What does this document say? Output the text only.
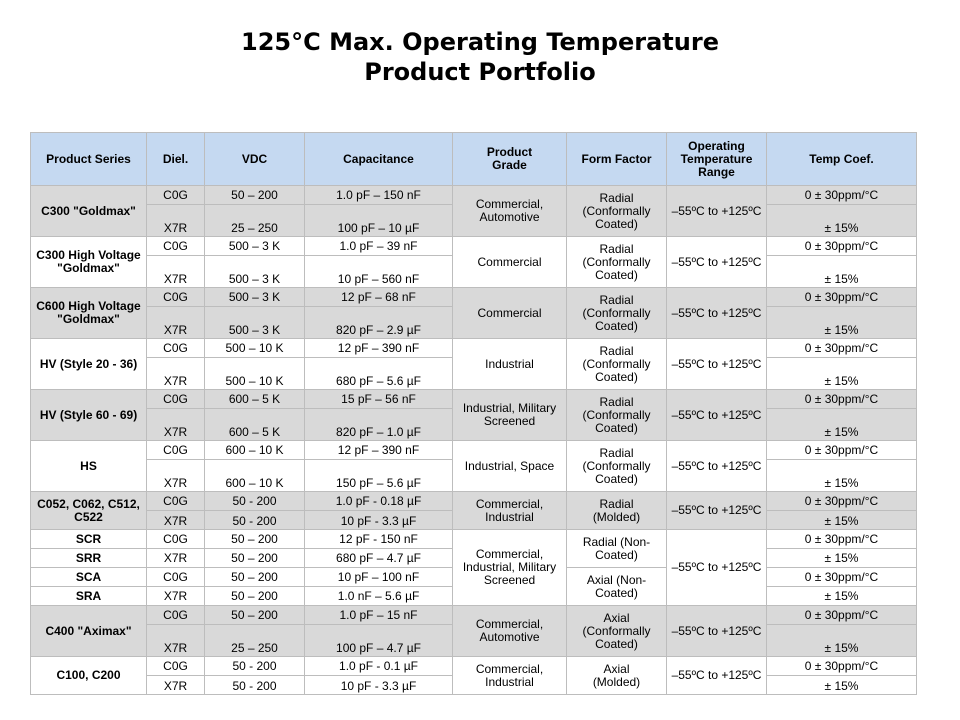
125°C Max. Operating Temperature
Product Portfolio
Product Series	Diel.	VDC	Capacitance	Product Grade	Form Factor	Operating Temperature Range	Temp Coef.
C300 "Goldmax"	C0G	50 – 200	1.0 pF – 150 nF	Commercial, Automotive	Radial (Conformally Coated)	–55ºC to +125ºC	0 ± 30ppm/°C
	X7R	25 – 250	100 pF – 10 µF				± 15%
C300 High Voltage "Goldmax"	C0G	500 – 3 K	1.0 pF – 39 nF	Commercial	Radial (Conformally Coated)	–55ºC to +125ºC	0 ± 30ppm/°C
	X7R	500 – 3 K	10 pF – 560 nF				± 15%
C600 High Voltage "Goldmax"	C0G	500 – 3 K	12 pF – 68 nF	Commercial	Radial (Conformally Coated)	–55ºC to +125ºC	0 ± 30ppm/°C
	X7R	500 – 3 K	820 pF – 2.9 µF				± 15%
HV (Style 20 - 36)	C0G	500 – 10 K	12 pF – 390 nF	Industrial	Radial (Conformally Coated)	–55ºC to +125ºC	0 ± 30ppm/°C
	X7R	500 – 10 K	680 pF – 5.6 µF				± 15%
HV (Style 60 - 69)	C0G	600 – 5 K	15 pF – 56 nF	Industrial, Military Screened	Radial (Conformally Coated)	–55ºC to +125ºC	0 ± 30ppm/°C
	X7R	600 – 5 K	820 pF – 1.0 µF				± 15%
HS	C0G	600 – 10 K	12 pF – 390 nF	Industrial, Space	Radial (Conformally Coated)	–55ºC to +125ºC	0 ± 30ppm/°C
	X7R	600 – 10 K	150 pF – 5.6 µF				± 15%
C052, C062, C512, C522	C0G	50 - 200	1.0 pF - 0.18 µF	Commercial, Industrial	Radial (Molded)	–55ºC to +125ºC	0 ± 30ppm/°C
	X7R	50 - 200	10 pF - 3.3 µF				± 15%
SCR	C0G	50 – 200	12 pF - 150 nF	Commercial, Industrial, Military Screened	Radial (Non-Coated)	–55ºC to +125ºC	0 ± 30ppm/°C
SRR	X7R	50 – 200	680 pF – 4.7 µF				± 15%
SCA	C0G	50 – 200	10 pF – 100 nF		Axial (Non-Coated)		0 ± 30ppm/°C
SRA	X7R	50 – 200	1.0 nF – 5.6 µF				± 15%
C400 "Aximax"	C0G	50 – 200	1.0 pF – 15 nF	Commercial, Automotive	Axial (Conformally Coated)	–55ºC to +125ºC	0 ± 30ppm/°C
	X7R	25 – 250	100 pF – 4.7 µF				± 15%
C100, C200	C0G	50 - 200	1.0 pF - 0.1 µF	Commercial, Industrial	Axial (Molded)	–55ºC to +125ºC	0 ± 30ppm/°C
	X7R	50 - 200	10 pF - 3.3 µF				± 15%
